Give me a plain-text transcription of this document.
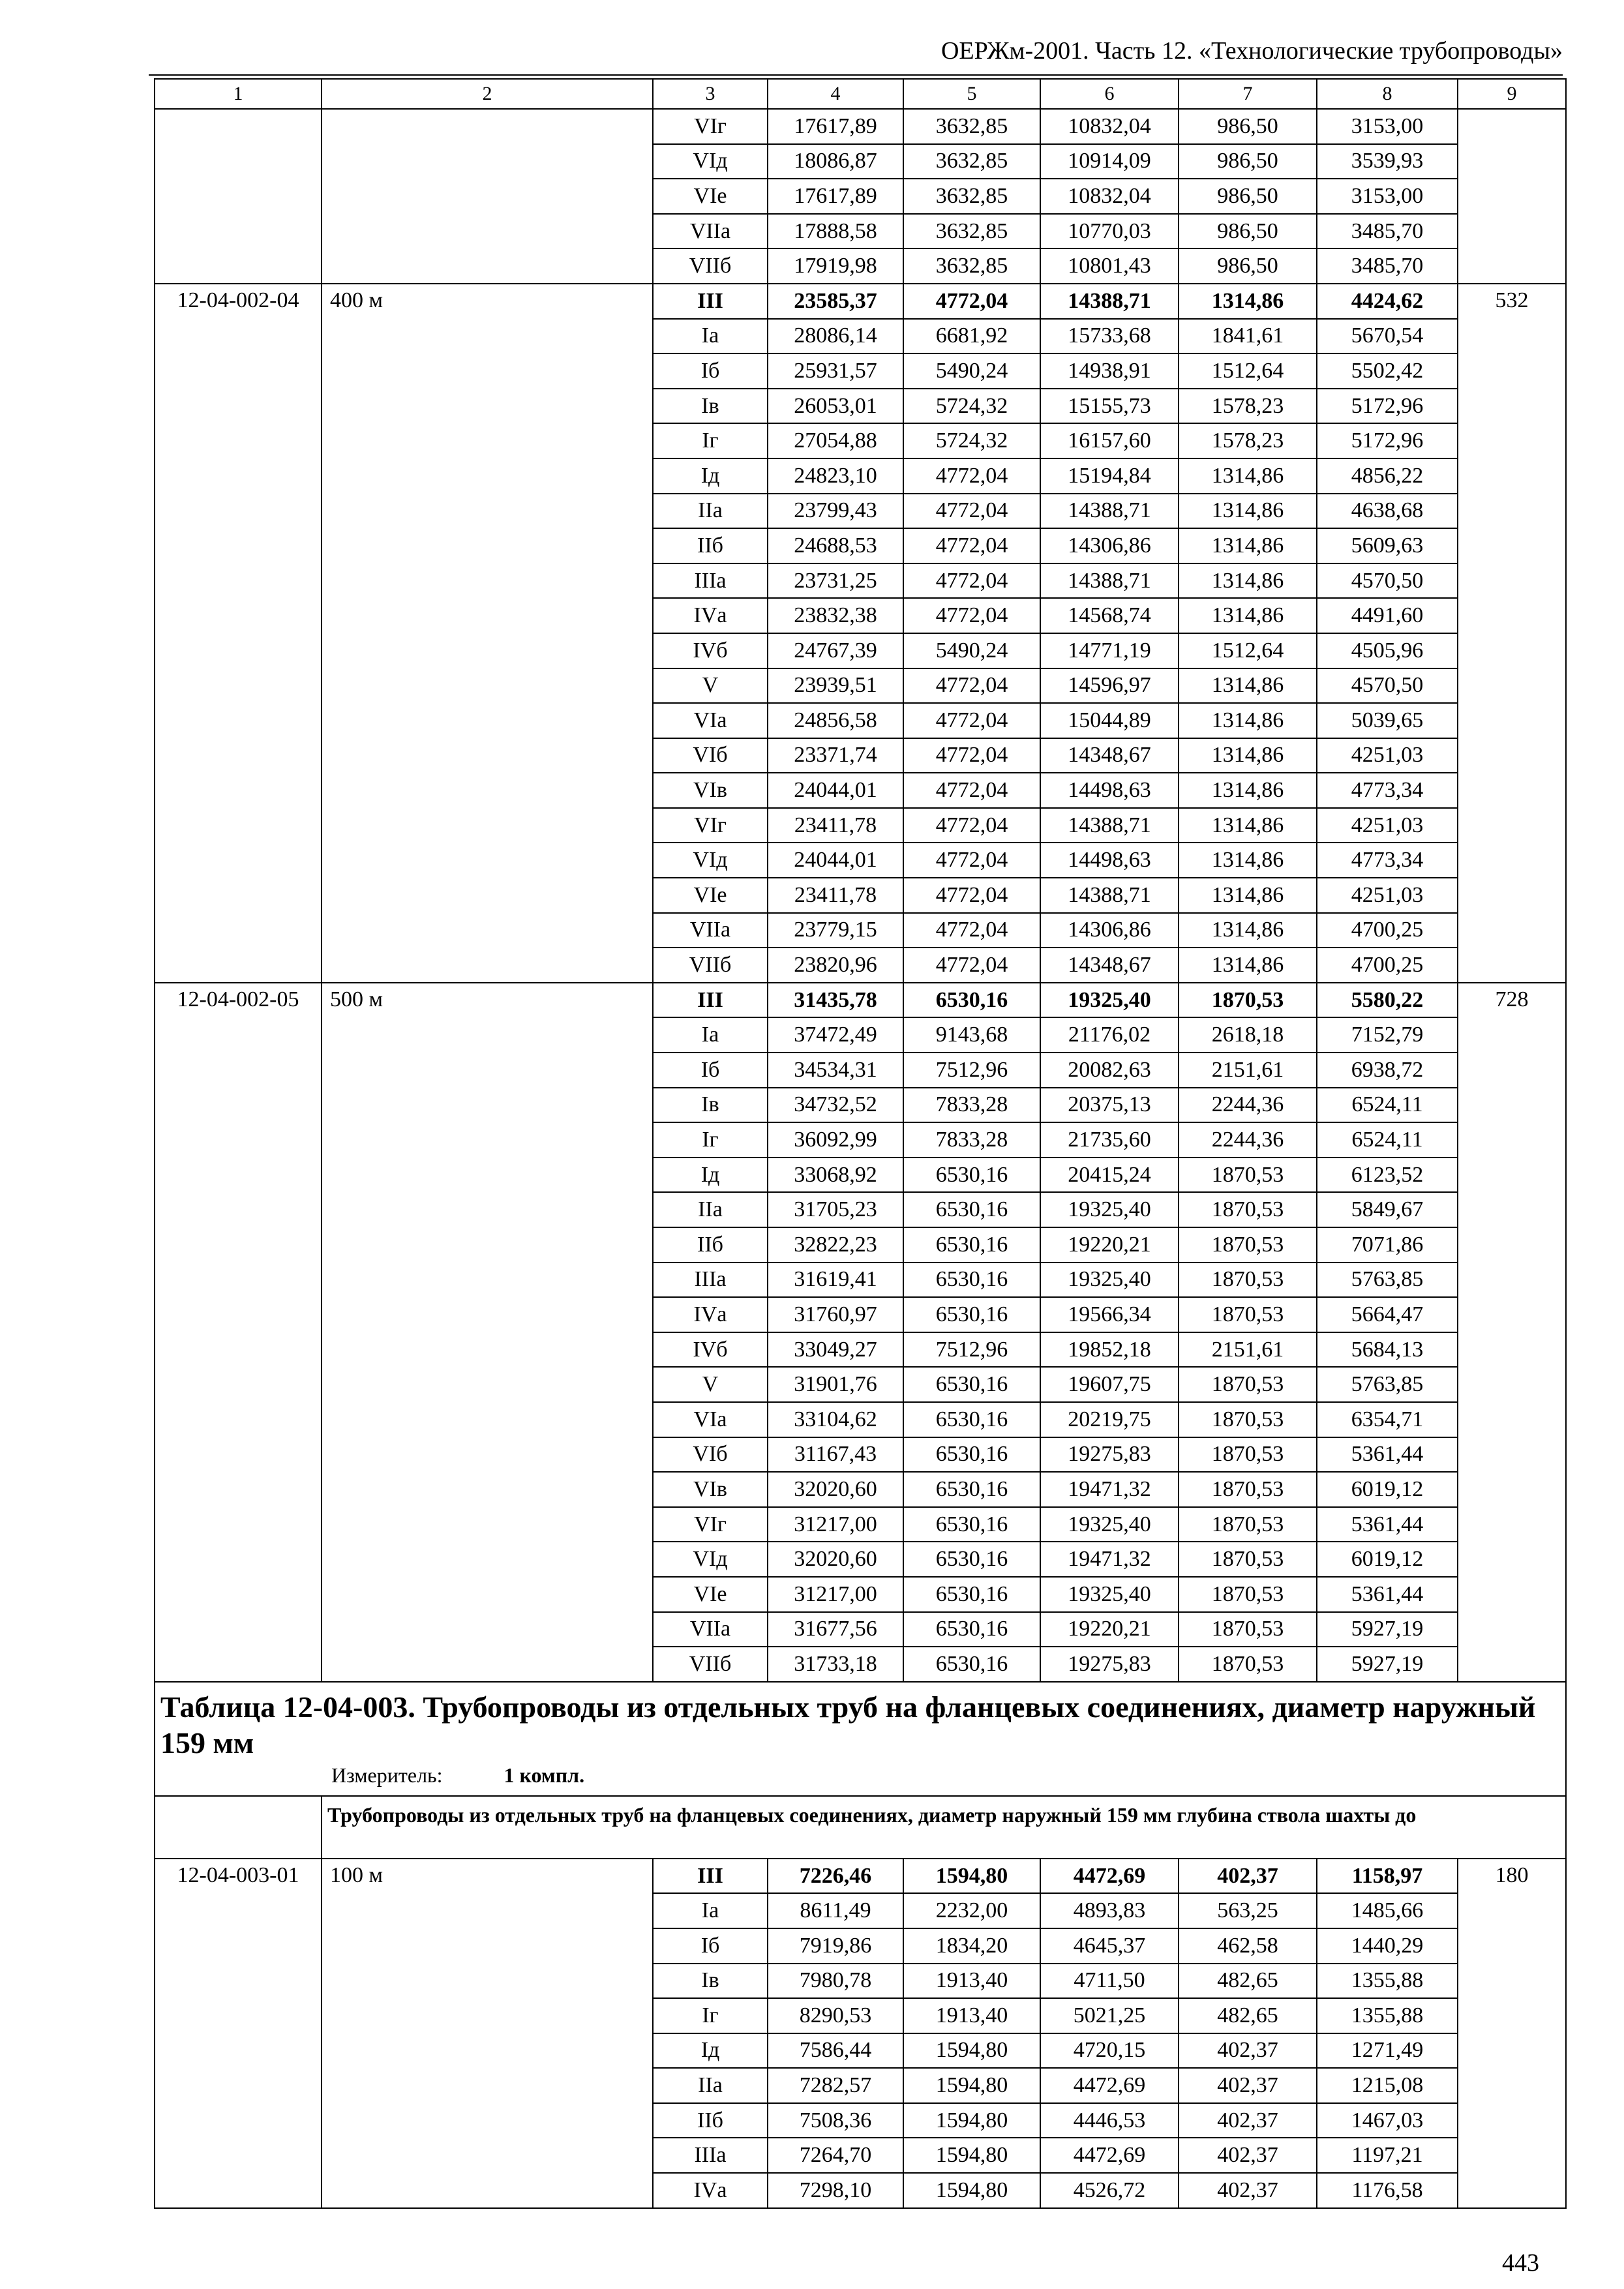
ОЕРЖм-2001. Часть 12. «Технологические трубопроводы»
1	2	3	4	5	6	7	8	9
		VIг	17617,89	3632,85	10832,04	986,50	3153,00	
		VIд	18086,87	3632,85	10914,09	986,50	3539,93	
		VIе	17617,89	3632,85	10832,04	986,50	3153,00	
		VIIа	17888,58	3632,85	10770,03	986,50	3485,70	
		VIIб	17919,98	3632,85	10801,43	986,50	3485,70	
12-04-002-04	400 м	III	23585,37	4772,04	14388,71	1314,86	4424,62	532
		Iа	28086,14	6681,92	15733,68	1841,61	5670,54	
		Iб	25931,57	5490,24	14938,91	1512,64	5502,42	
		Iв	26053,01	5724,32	15155,73	1578,23	5172,96	
		Iг	27054,88	5724,32	16157,60	1578,23	5172,96	
		Iд	24823,10	4772,04	15194,84	1314,86	4856,22	
		IIа	23799,43	4772,04	14388,71	1314,86	4638,68	
		IIб	24688,53	4772,04	14306,86	1314,86	5609,63	
		IIIа	23731,25	4772,04	14388,71	1314,86	4570,50	
		IVа	23832,38	4772,04	14568,74	1314,86	4491,60	
		IVб	24767,39	5490,24	14771,19	1512,64	4505,96	
		V	23939,51	4772,04	14596,97	1314,86	4570,50	
		VIа	24856,58	4772,04	15044,89	1314,86	5039,65	
		VIб	23371,74	4772,04	14348,67	1314,86	4251,03	
		VIв	24044,01	4772,04	14498,63	1314,86	4773,34	
		VIг	23411,78	4772,04	14388,71	1314,86	4251,03	
		VIд	24044,01	4772,04	14498,63	1314,86	4773,34	
		VIе	23411,78	4772,04	14388,71	1314,86	4251,03	
		VIIа	23779,15	4772,04	14306,86	1314,86	4700,25	
		VIIб	23820,96	4772,04	14348,67	1314,86	4700,25	
12-04-002-05	500 м	III	31435,78	6530,16	19325,40	1870,53	5580,22	728
		Iа	37472,49	9143,68	21176,02	2618,18	7152,79	
		Iб	34534,31	7512,96	20082,63	2151,61	6938,72	
		Iв	34732,52	7833,28	20375,13	2244,36	6524,11	
		Iг	36092,99	7833,28	21735,60	2244,36	6524,11	
		Iд	33068,92	6530,16	20415,24	1870,53	6123,52	
		IIа	31705,23	6530,16	19325,40	1870,53	5849,67	
		IIб	32822,23	6530,16	19220,21	1870,53	7071,86	
		IIIа	31619,41	6530,16	19325,40	1870,53	5763,85	
		IVа	31760,97	6530,16	19566,34	1870,53	5664,47	
		IVб	33049,27	7512,96	19852,18	2151,61	5684,13	
		V	31901,76	6530,16	19607,75	1870,53	5763,85	
		VIа	33104,62	6530,16	20219,75	1870,53	6354,71	
		VIб	31167,43	6530,16	19275,83	1870,53	5361,44	
		VIв	32020,60	6530,16	19471,32	1870,53	6019,12	
		VIг	31217,00	6530,16	19325,40	1870,53	5361,44	
		VIд	32020,60	6530,16	19471,32	1870,53	6019,12	
		VIе	31217,00	6530,16	19325,40	1870,53	5361,44	
		VIIа	31677,56	6530,16	19220,21	1870,53	5927,19	
		VIIб	31733,18	6530,16	19275,83	1870,53	5927,19	

Таблица 12-04-003. Трубопроводы из отдельных труб на фланцевых соединениях, диаметр наружный 159 мм
Измеритель: 1 компл.								

	Трубопроводы из отдельных труб на фланцевых соединениях, диаметр наружный 159 мм глубина ствола шахты до							
12-04-003-01	100 м	III	7226,46	1594,80	4472,69	402,37	1158,97	180
		Iа	8611,49	2232,00	4893,83	563,25	1485,66	
		Iб	7919,86	1834,20	4645,37	462,58	1440,29	
		Iв	7980,78	1913,40	4711,50	482,65	1355,88	
		Iг	8290,53	1913,40	5021,25	482,65	1355,88	
		Iд	7586,44	1594,80	4720,15	402,37	1271,49	
		IIа	7282,57	1594,80	4472,69	402,37	1215,08	
		IIб	7508,36	1594,80	4446,53	402,37	1467,03	
		IIIа	7264,70	1594,80	4472,69	402,37	1197,21	
		IVа	7298,10	1594,80	4526,72	402,37	1176,58	
443
